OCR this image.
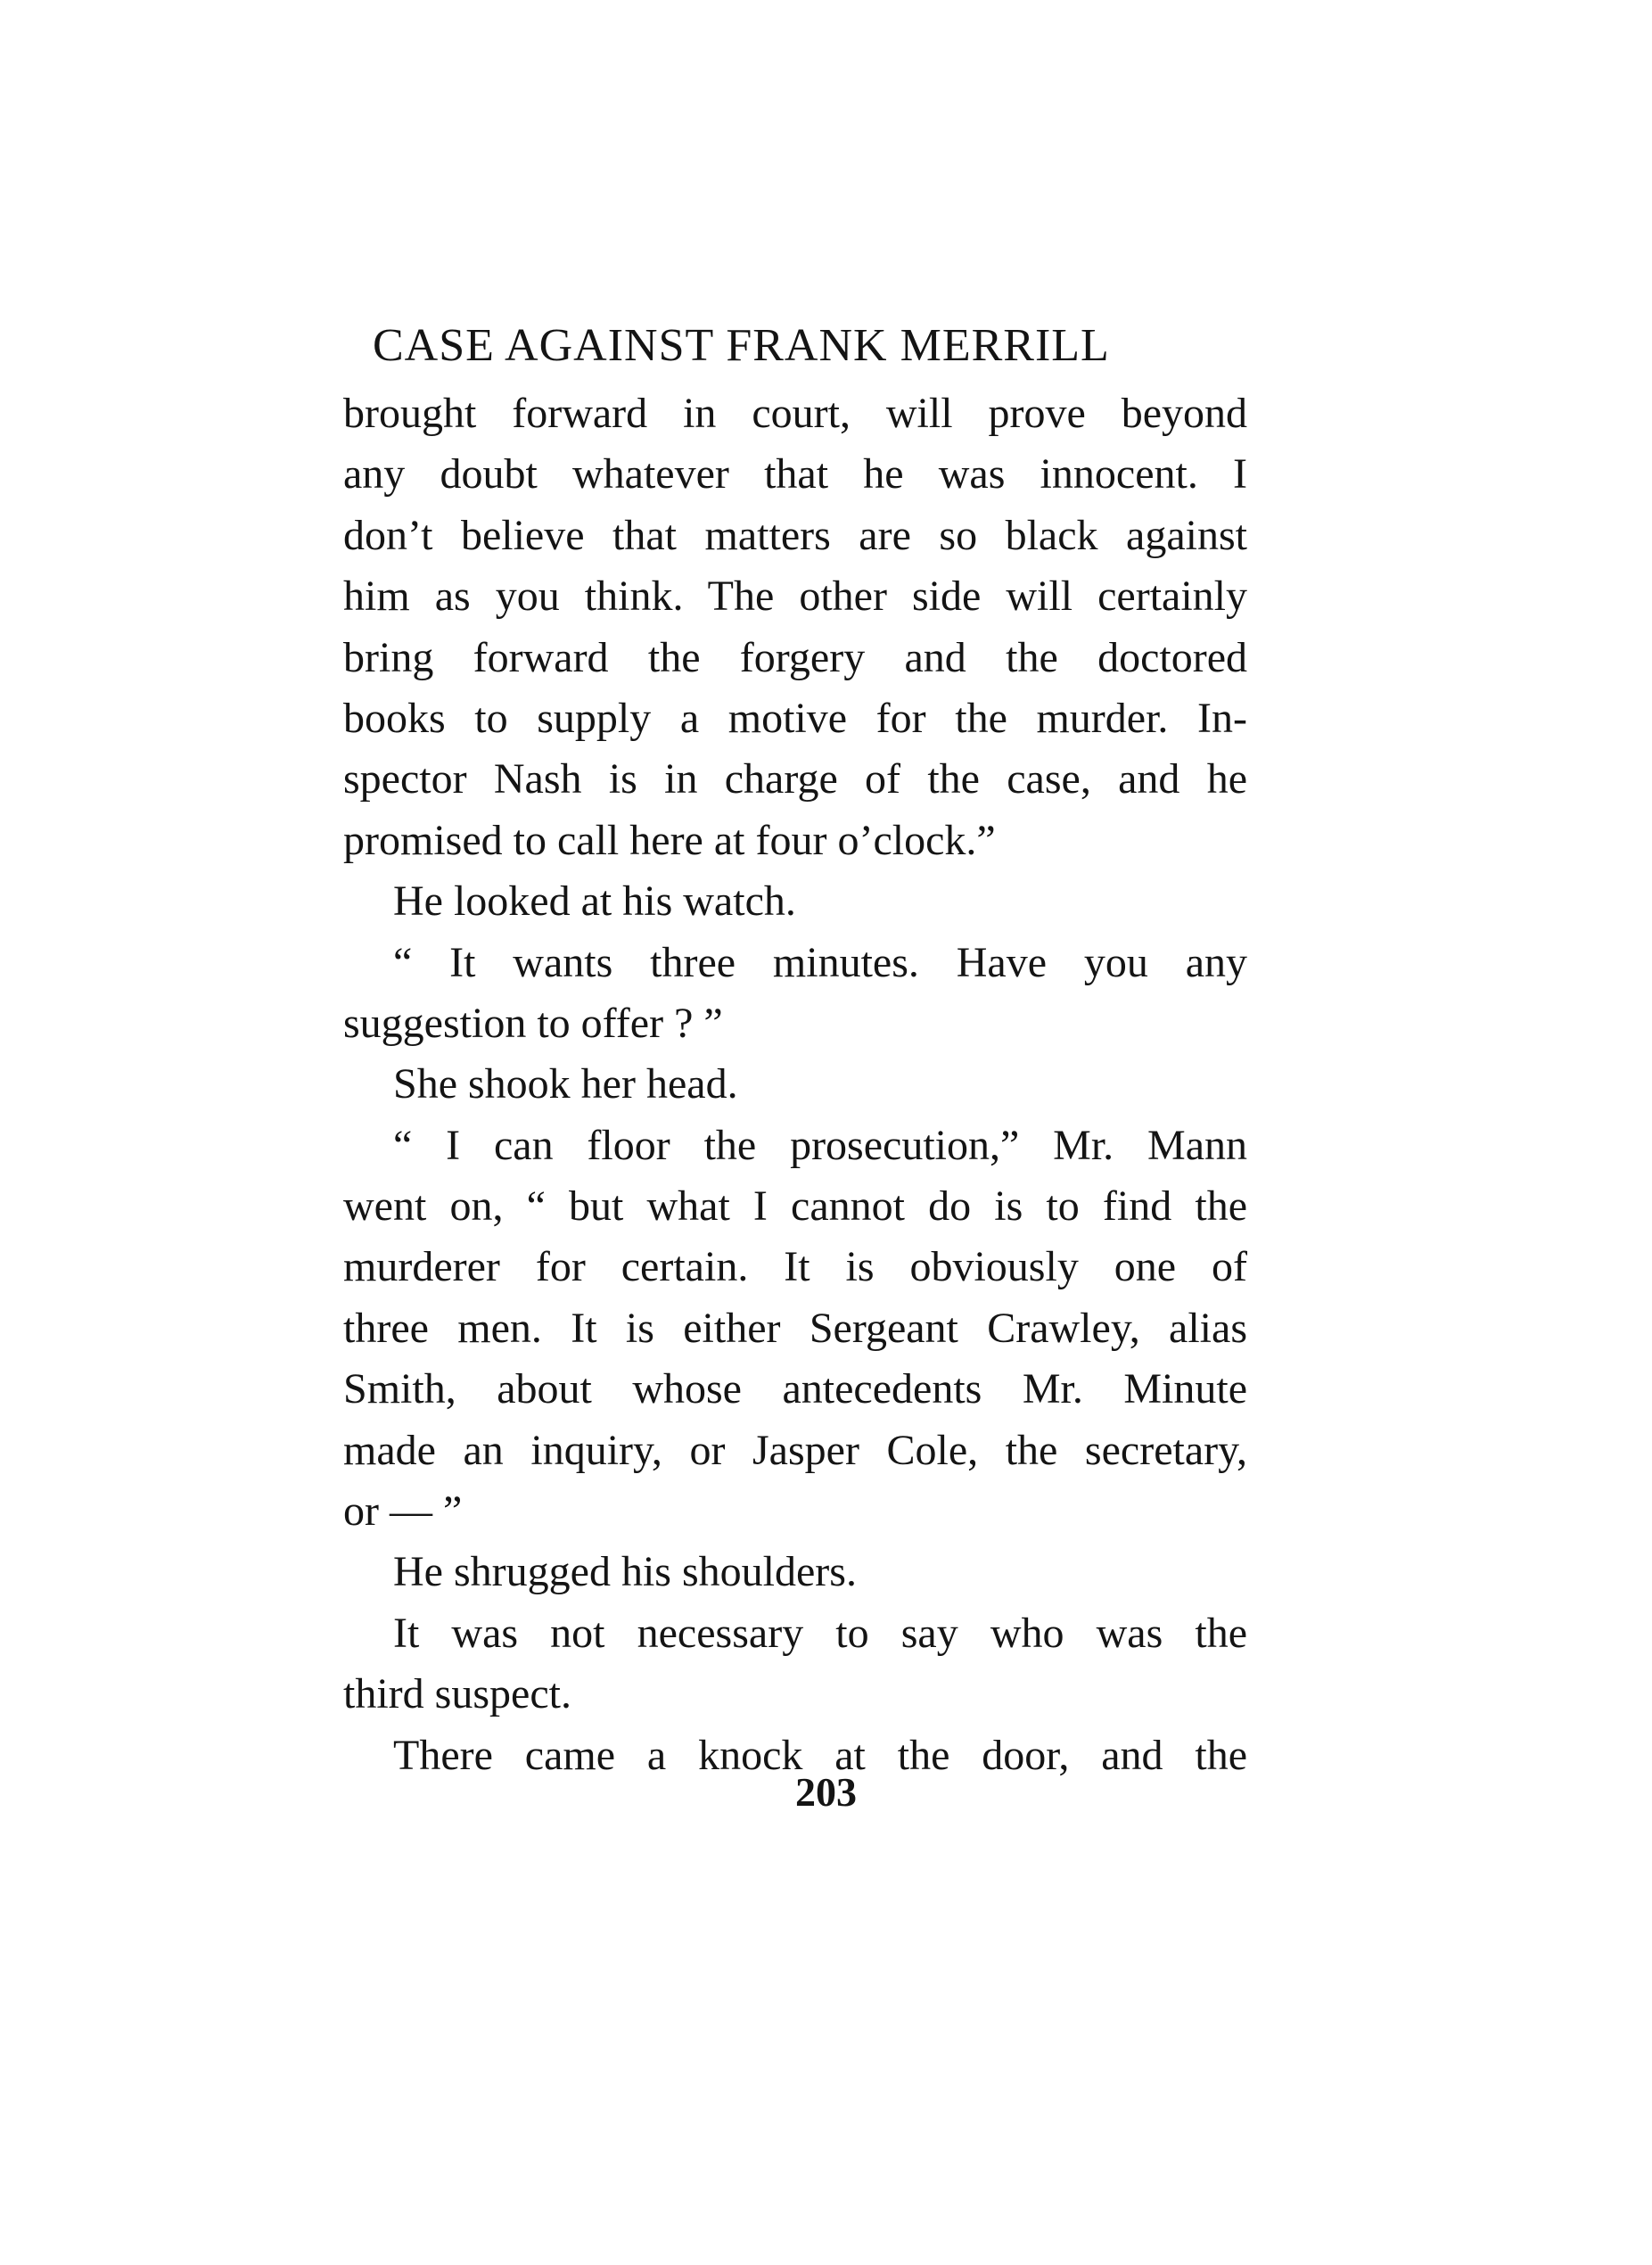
CASE AGAINST FRANK MERRILL
brought forward in court, will prove beyond
any doubt whatever that he was innocent. I
don’t believe that matters are so black against
him as you think. The other side will certainly
bring forward the forgery and the doctored
books to supply a motive for the murder. In-
spector Nash is in charge of the case, and he
promised to call here at four o’clock.”
He looked at his watch.
“ It wants three minutes. Have you any
suggestion to offer ? ”
She shook her head.
“ I can floor the prosecution,” Mr. Mann
went on, “ but what I cannot do is to find the
murderer for certain. It is obviously one of
three men. It is either Sergeant Crawley, alias
Smith, about whose antecedents Mr. Minute
made an inquiry, or Jasper Cole, the secretary,
or — ”
He shrugged his shoulders.
It was not necessary to say who was the
third suspect.
There came a knock at the door, and the
203
